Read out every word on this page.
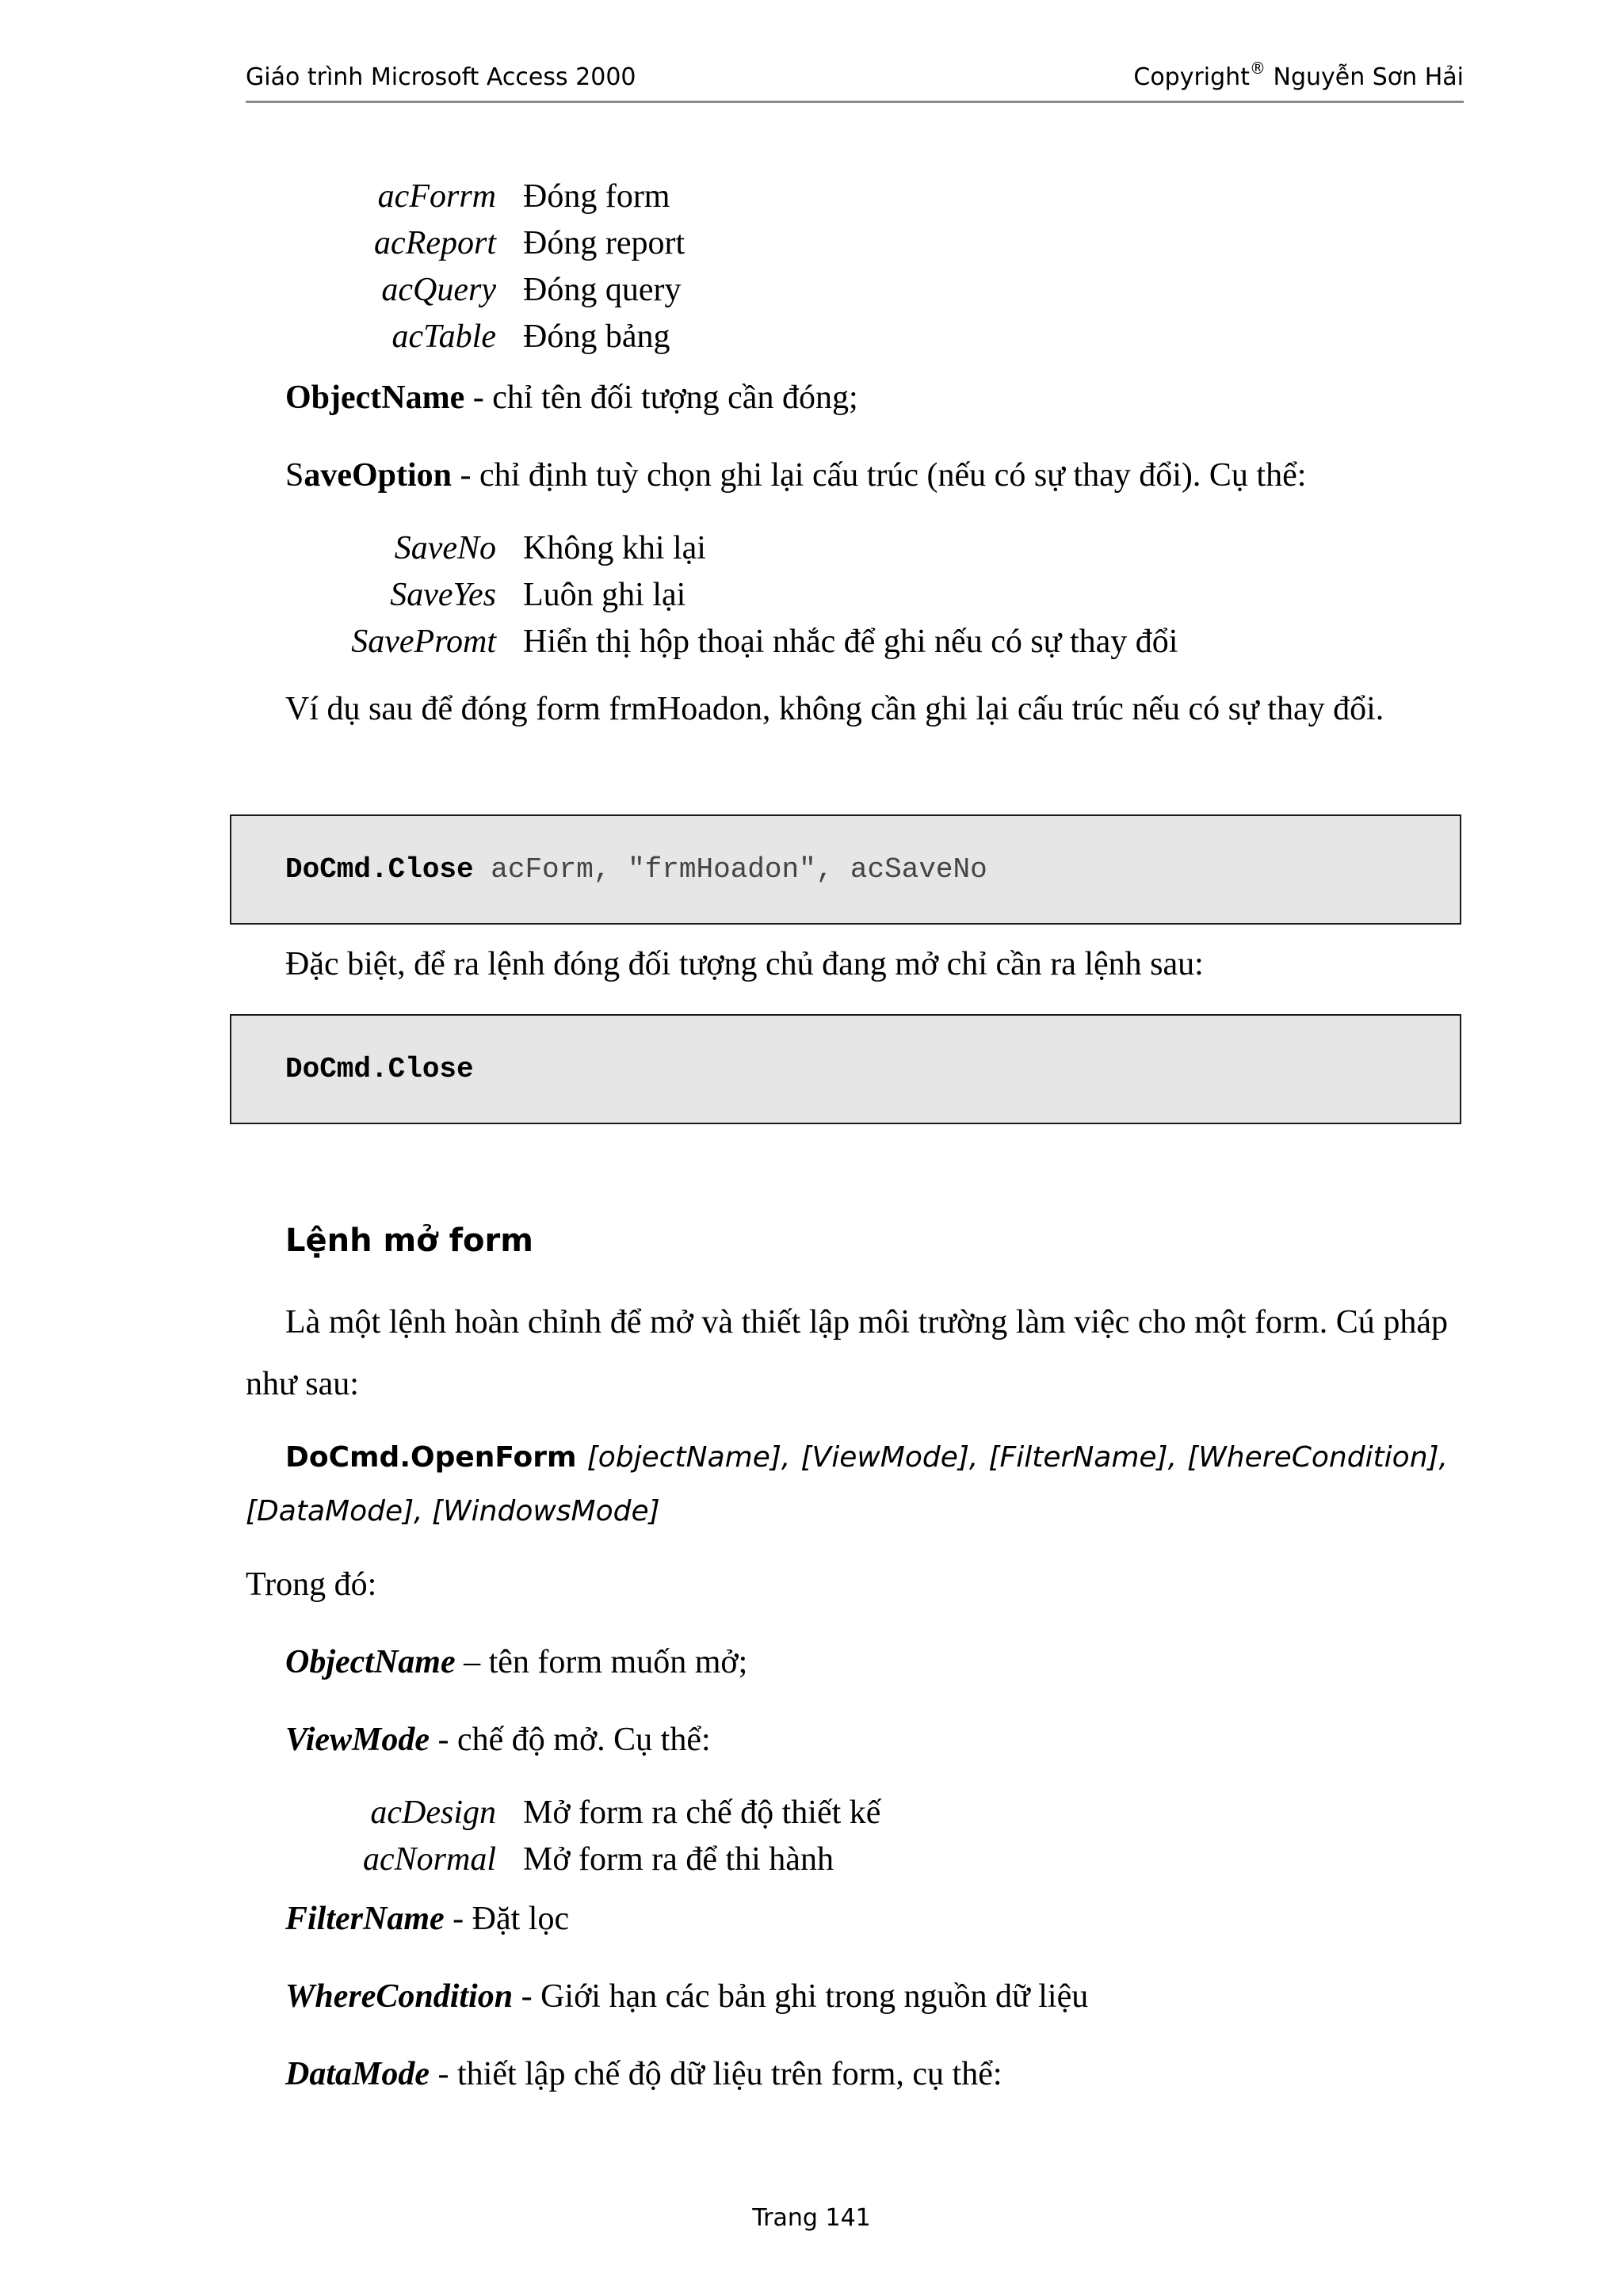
Giáo trình Microsoft Access 2000	Copyright® Nguyễn Sơn Hải
acForrm Đóng form
acReport Đóng report
acQuery Đóng query
acTable Đóng bảng
ObjectName - chỉ tên đối tượng cần đóng;
SaveOption - chỉ định tuỳ chọn ghi lại cấu trúc (nếu có sự thay đổi). Cụ thể:
SaveNo Không khi lại
SaveYes Luôn ghi lại
SavePromt Hiển thị hộp thoại nhắc để ghi nếu có sự thay đổi
Ví dụ sau để đóng form frmHoadon, không cần ghi lại cấu trúc nếu có sự thay đổi.
DoCmd.Close acForm, "frmHoadon", acSaveNo
Đặc biệt, để ra lệnh đóng đối tượng chủ đang mở chỉ cần ra lệnh sau:
DoCmd.Close
Lệnh mở form
Là một lệnh hoàn chỉnh để mở và thiết lập môi trường làm việc cho một form. Cú pháp như sau:
DoCmd.OpenForm [objectName], [ViewMode], [FilterName], [WhereCondition], [DataMode], [WindowsMode]
Trong đó:
ObjectName – tên form muốn mở;
ViewMode - chế độ mở. Cụ thể:
acDesign Mở form ra chế độ thiết kế
acNormal Mở form ra để thi hành
FilterName - Đặt lọc
WhereCondition - Giới hạn các bản ghi trong nguồn dữ liệu
DataMode - thiết lập chế độ dữ liệu trên form, cụ thể:
Trang 141
